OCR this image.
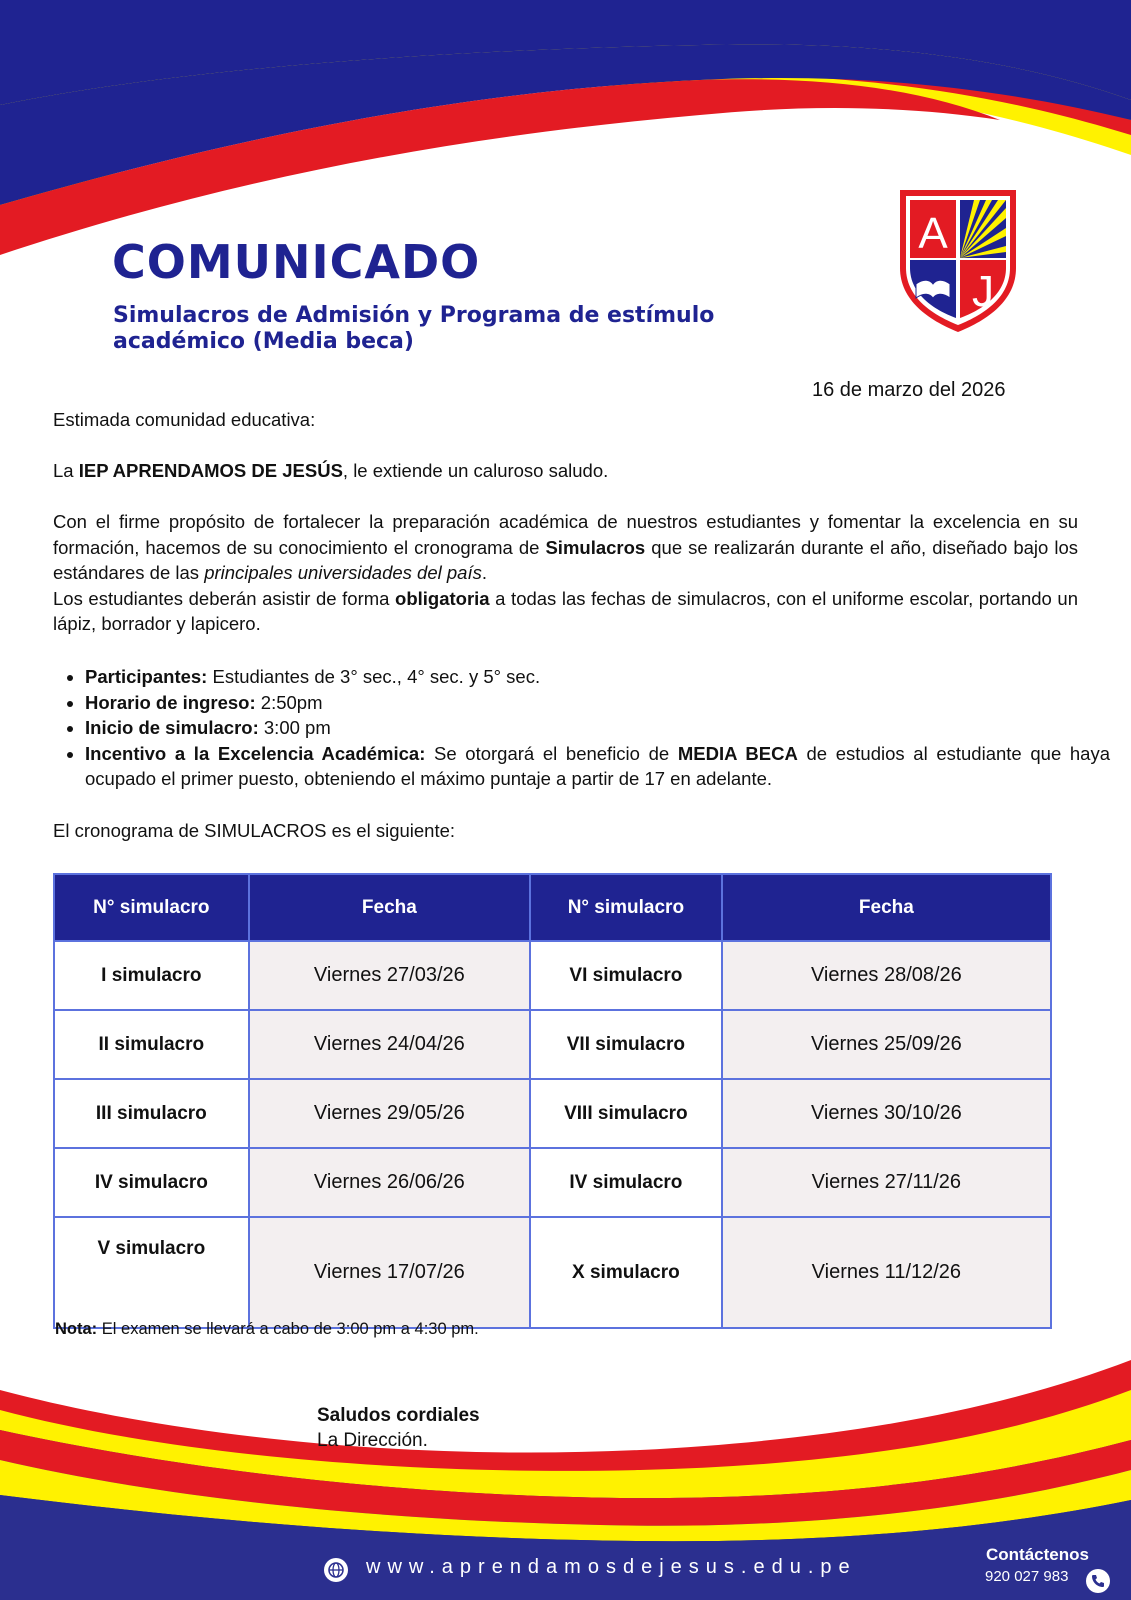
A
J
COMUNICADO
Simulacros de Admisión y Programa de estímulo académico (Media beca)
16 de marzo del 2026
Estimada comunidad educativa:
La IEP APRENDAMOS DE JESÚS, le extiende un caluroso saludo.

Con el firme propósito de fortalecer la preparación académica de nuestros estudiantes y fomentar la excelencia en su formación, hacemos de su conocimiento el cronograma de Simulacros que se realizarán durante el año, diseñado bajo los estándares de las principales universidades del país.

Los estudiantes deberán asistir de forma obligatoria a todas las fechas de simulacros, con el uniforme escolar, portando un lápiz, borrador y lapicero.

• Participantes: Estudiantes de 3° sec., 4° sec. y 5° sec.
• Horario de ingreso: 2:50pm
• Inicio de simulacro: 3:00 pm
• Incentivo a la Excelencia Académica: Se otorgará el beneficio de MEDIA BECA de estudios al estudiante que haya ocupado el primer puesto, obteniendo el máximo puntaje a partir de 17 en adelante.
El cronograma de SIMULACROS es el siguiente:
N° simulacro	Fecha	N° simulacro	Fecha
I simulacro	Viernes 27/03/26	VI simulacro	Viernes 28/08/26
II simulacro	Viernes 24/04/26	VII simulacro	Viernes 25/09/26
III simulacro	Viernes 29/05/26	VIII simulacro	Viernes 30/10/26
IV simulacro	Viernes 26/06/26	IV simulacro	Viernes 27/11/26
V simulacro	Viernes 17/07/26	X simulacro	Viernes 11/12/26
Nota: El examen se llevará a cabo de 3:00 pm a 4:30 pm.
Saludos cordiales
La Dirección.
www.aprendamosdejesus.edu.pe
Contáctenos
920 027 983
